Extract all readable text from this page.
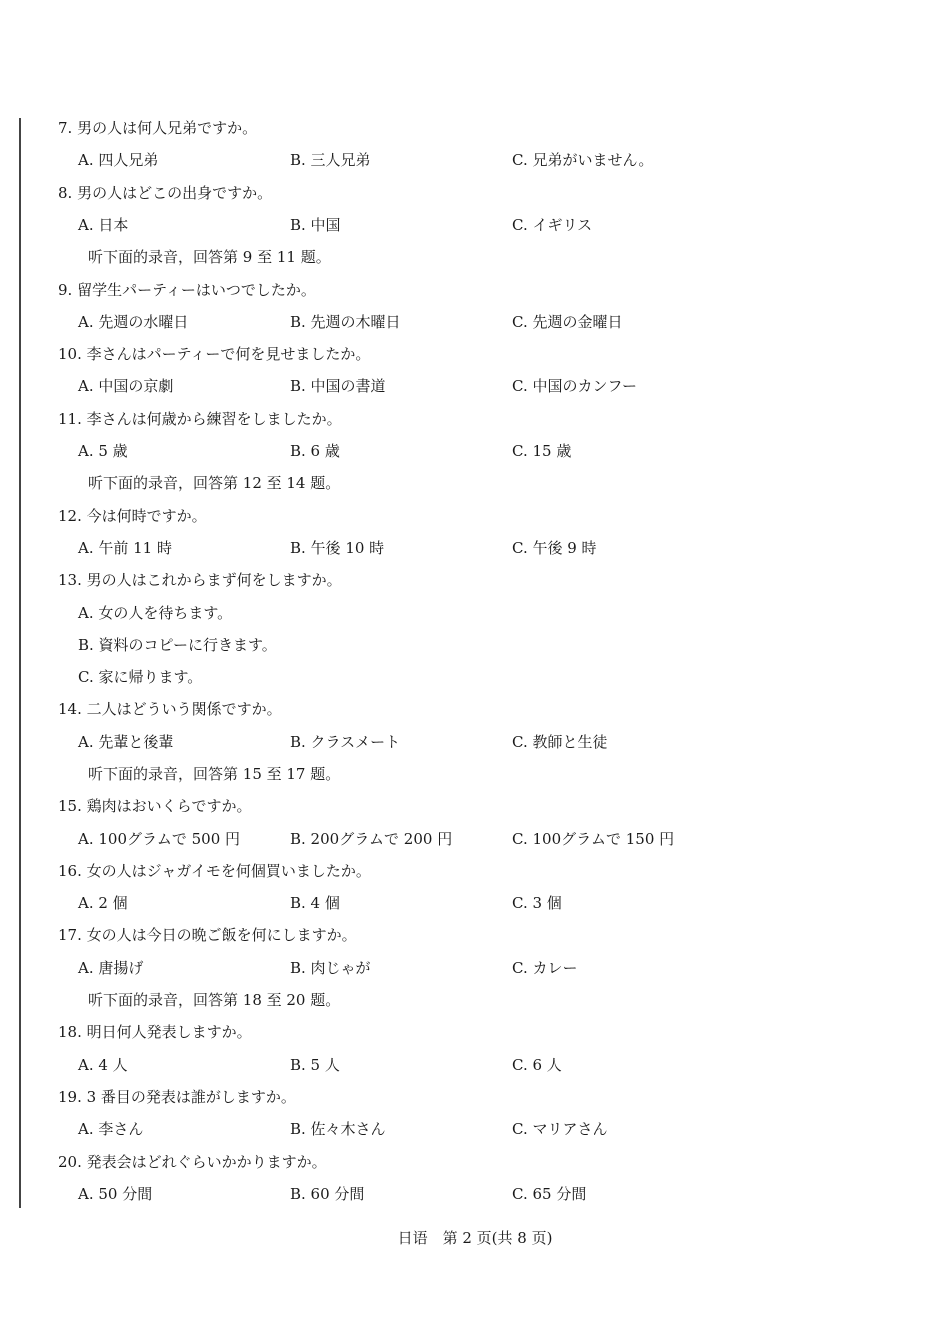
7. 男の人は何人兄弟ですか。
A. 四人兄弟	B. 三人兄弟	C. 兄弟がいません。
8. 男の人はどこの出身ですか。
A. 日本	B. 中国	C. イギリス
听下面的录音，回答第 9 至 11 题。
9. 留学生パーティーはいつでしたか。
A. 先週の水曜日	B. 先週の木曜日	C. 先週の金曜日
10. 李さんはパーティーで何を見せましたか。
A. 中国の京劇	B. 中国の書道	C. 中国のカンフー
11. 李さんは何歳から練習をしましたか。
A. 5 歳	B. 6 歳	C. 15 歳
听下面的录音，回答第 12 至 14 题。
12. 今は何時ですか。
A. 午前 11 時	B. 午後 10 時	C. 午後 9 時
13. 男の人はこれからまず何をしますか。
A. 女の人を待ちます。
B. 資料のコピーに行きます。
C. 家に帰ります。
14. 二人はどういう関係ですか。
A. 先輩と後輩	B. クラスメート	C. 教師と生徒
听下面的录音，回答第 15 至 17 题。
15. 鶏肉はおいくらですか。
A. 100グラムで 500 円	B. 200グラムで 200 円	C. 100グラムで 150 円
16. 女の人はジャガイモを何個買いましたか。
A. 2 個	B. 4 個	C. 3 個
17. 女の人は今日の晩ご飯を何にしますか。
A. 唐揚げ	B. 肉じゃが	C. カレー
听下面的录音，回答第 18 至 20 题。
18. 明日何人発表しますか。
A. 4 人	B. 5 人	C. 6 人
19. 3 番目の発表は誰がしますか。
A. 李さん	B. 佐々木さん	C. マリアさん
20. 発表会はどれぐらいかかりますか。
A. 50 分間	B. 60 分間	C. 65 分間
日语　第 2 页(共 8 页)
